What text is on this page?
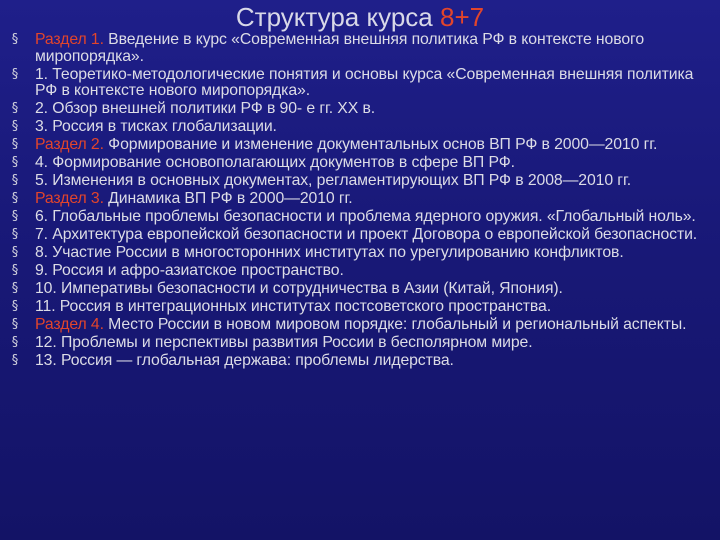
Структура курса 8+7
§ Раздел 1. Введение в курс «Современная внешняя политика РФ в контексте нового миропорядка».
§ 1. Теоретико-методологические понятия и основы курса «Современная внешняя политика РФ в контексте нового миропорядка».
§ 2. Обзор внешней политики РФ в 90- е гг. XX в.
§ 3. Россия в тисках глобализации.
§ Раздел 2. Формирование и изменение документальных основ ВП РФ в 2000—2010 гг.
§ 4. Формирование основополагающих документов в сфере ВП РФ.
§ 5. Изменения в основных документах, регламентирующих ВП РФ в 2008—2010 гг.
§ Раздел 3. Динамика ВП РФ в 2000—2010 гг.
§ 6. Глобальные проблемы безопасности и проблема ядерного оружия. «Глобальный ноль».
§ 7. Архитектура европейской безопасности и проект Договора о европейской безопасности.
§ 8. Участие России в многосторонних институтах по урегулированию конфликтов.
§ 9. Россия и афро-азиатское пространство.
§ 10. Императивы безопасности и сотрудничества в Азии (Китай, Япония).
§ 11. Россия в интеграционных институтах постсоветского пространства.
§ Раздел 4. Место России в новом мировом порядке: глобальный и региональный аспекты.
§ 12. Проблемы и перспективы развития России в бесполярном мире.
§ 13. Россия — глобальная держава: проблемы лидерства.
